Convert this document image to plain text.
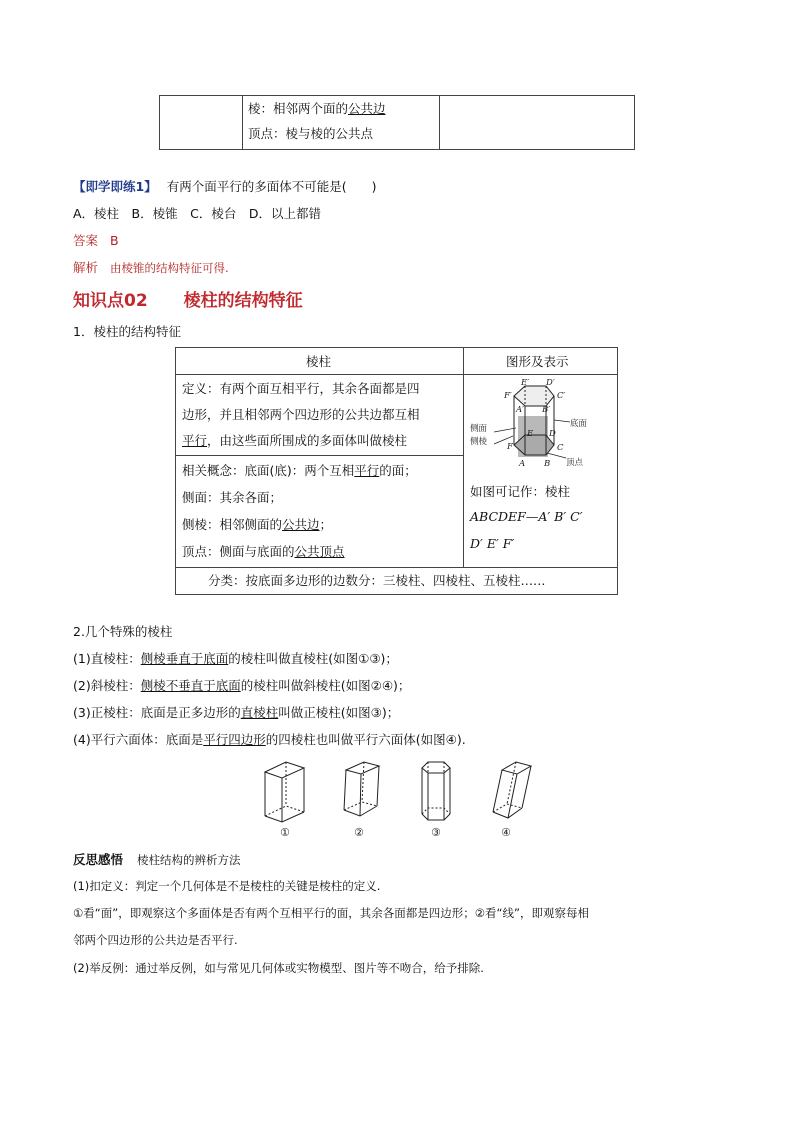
棱：相邻两个面的公共边
顶点：棱与棱的公共点
【即学即练1】 有两个面平行的多面体不可能是(　　)
A．棱柱　B．棱锥　C．棱台　D．以上都错
答案 B
解析 由棱锥的结构特征可得.
知识点02 棱柱的结构特征
1．棱柱的结构特征
棱柱	图形及表示
定义：有两个面互相平行，其余各面都是四
边形，并且相邻两个四边形的公共边都互相
平行，由这些面所围成的多面体叫做棱柱
相关概念：底面(底)：两个互相平行的面；
侧面：其余各面；
侧棱：相邻侧面的公共边；
顶点：侧面与底面的公共顶点
E′ D′
F′	C′
A′ B′
E D
F	C
A B
侧面
侧棱
底面
顶点
如图可记作：棱柱
ABCDEF—A′ B′ C′
D′ E′ F′
分类：按底面多边形的边数分：三棱柱、四棱柱、五棱柱……
2.几个特殊的棱柱
(1)直棱柱：侧棱垂直于底面的棱柱叫做直棱柱(如图①③)；
(2)斜棱柱：侧棱不垂直于底面的棱柱叫做斜棱柱(如图②④)；
(3)正棱柱：底面是正多边形的直棱柱叫做正棱柱(如图③)；
(4)平行六面体：底面是平行四边形的四棱柱也叫做平行六面体(如图④).
①	②	③	④
反思感悟 棱柱结构的辨析方法
(1)扣定义：判定一个几何体是不是棱柱的关键是棱柱的定义.
①看“面”，即观察这个多面体是否有两个互相平行的面，其余各面都是四边形；②看“线”，即观察每相
邻两个四边形的公共边是否平行.
(2)举反例：通过举反例，如与常见几何体或实物模型、图片等不吻合，给予排除.
